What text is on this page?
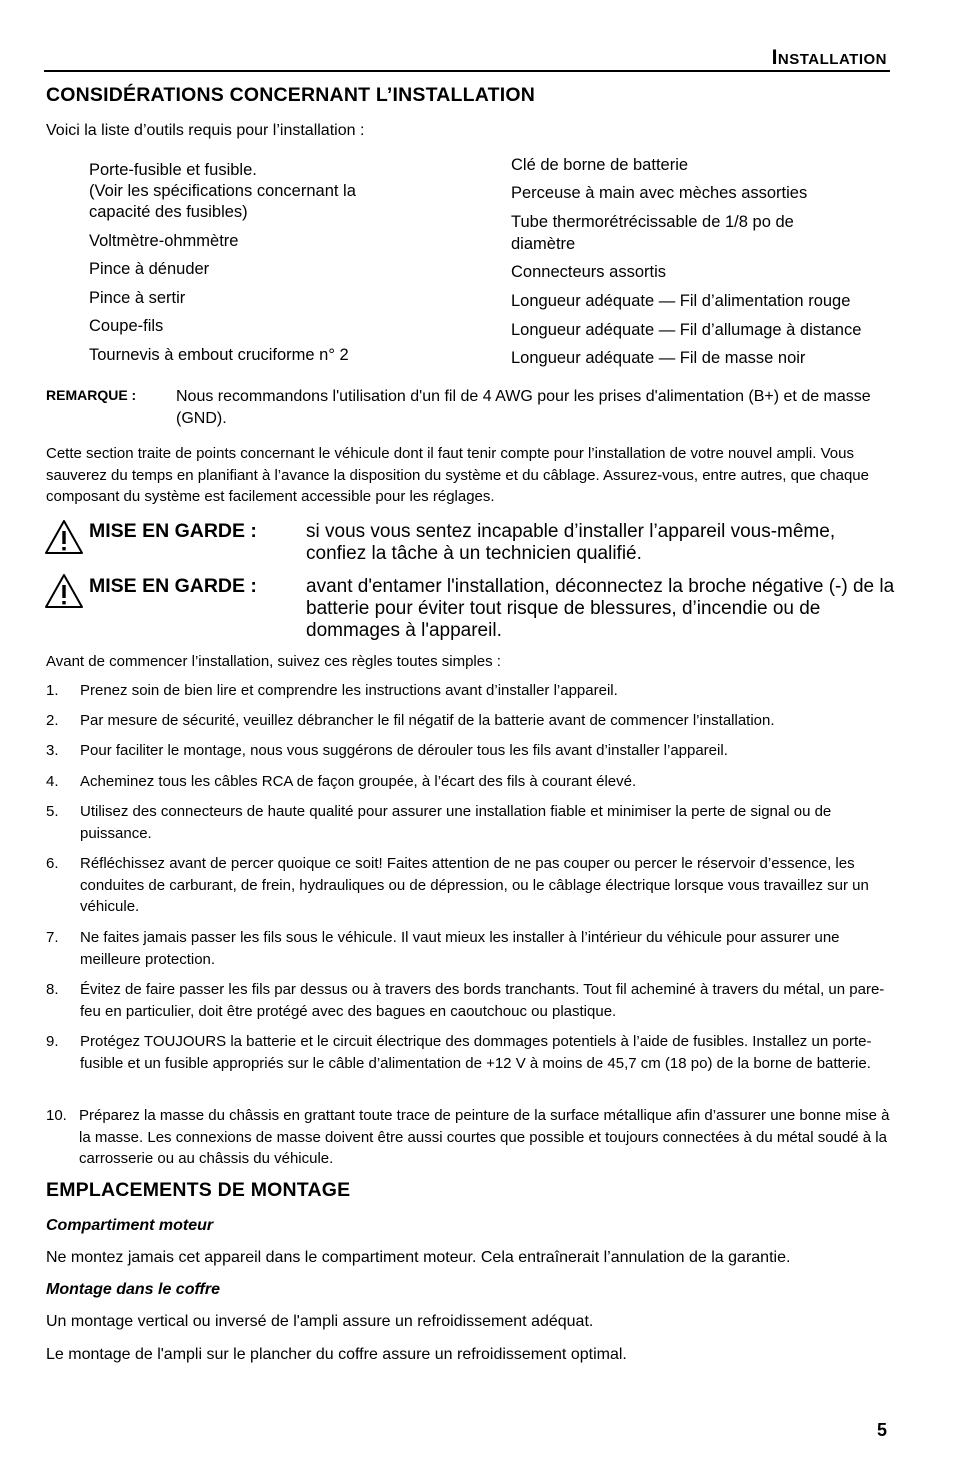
Installation
CONSIDÉRATIONS CONCERNANT L’INSTALLATION
Voici la liste d’outils requis pour l’installation :
Porte-fusible et fusible.
(Voir les spécifications concernant la
capacité des fusibles)
Voltmètre-ohmmètre
Pince à dénuder
Pince à sertir
Coupe-fils
Tournevis à embout cruciforme n° 2
Clé de borne de batterie
Perceuse à main avec mèches assorties
Tube thermorétrécissable de 1/8 po de
diamètre
Connecteurs assortis
Longueur adéquate — Fil d’alimentation rouge
Longueur adéquate — Fil d’allumage à distance
Longueur adéquate — Fil de masse noir
REMARQUE : Nous recommandons l'utilisation d'un fil de 4 AWG pour les prises d'alimentation (B+) et de masse (GND).
Cette section traite de points concernant le véhicule dont il faut tenir compte pour l’installation de votre nouvel ampli. Vous sauverez du temps en planifiant à l’avance la disposition du système et du câblage. Assurez-vous, entre autres, que chaque composant du système est facilement accessible pour les réglages.
MISE EN GARDE :	si vous vous sentez incapable d’installer l’appareil vous-même, confiez la tâche à un technicien qualifié.
MISE EN GARDE :	avant d'entamer l'installation, déconnectez la broche négative (-) de la batterie pour éviter tout risque de blessures, d’incendie ou de dommages à l'appareil.
Avant de commencer l’installation, suivez ces règles toutes simples :
1. Prenez soin de bien lire et comprendre les instructions avant d’installer l’appareil.
2. Par mesure de sécurité, veuillez débrancher le fil négatif de la batterie avant de commencer l’installation.
3. Pour faciliter le montage, nous vous suggérons de dérouler tous les fils avant d’installer l’appareil.
4. Acheminez tous les câbles RCA de façon groupée, à l’écart des fils à courant élevé.
5. Utilisez des connecteurs de haute qualité pour assurer une installation fiable et minimiser la perte de signal ou de puissance.
6. Réfléchissez avant de percer quoique ce soit! Faites attention de ne pas couper ou percer le réservoir d’essence, les conduites de carburant, de frein, hydrauliques ou de dépression, ou le câblage électrique lorsque vous travaillez sur un véhicule.
7. Ne faites jamais passer les fils sous le véhicule. Il vaut mieux les installer à l’intérieur du véhicule pour assurer une meilleure protection.
8. Évitez de faire passer les fils par dessus ou à travers des bords tranchants. Tout fil acheminé à travers du métal, un pare-feu en particulier, doit être protégé avec des bagues en caoutchouc ou plastique.
9. Protégez TOUJOURS la batterie et le circuit électrique des dommages potentiels à l’aide de fusibles. Installez un porte-fusible et un fusible appropriés sur le câble d’alimentation de +12 V à moins de 45,7 cm (18 po) de la borne de batterie.
10. Préparez la masse du châssis en grattant toute trace de peinture de la surface métallique afin d’assurer une bonne mise à la masse. Les connexions de masse doivent être aussi courtes que possible et toujours connectées à du métal soudé à la carrosserie ou au châssis du véhicule.
EMPLACEMENTS DE MONTAGE
Compartiment moteur
Ne montez jamais cet appareil dans le compartiment moteur. Cela entraînerait l’annulation de la garantie.
Montage dans le coffre
Un montage vertical ou inversé de l'ampli assure un refroidissement adéquat.
Le montage de l'ampli sur le plancher du coffre assure un refroidissement optimal.
5
